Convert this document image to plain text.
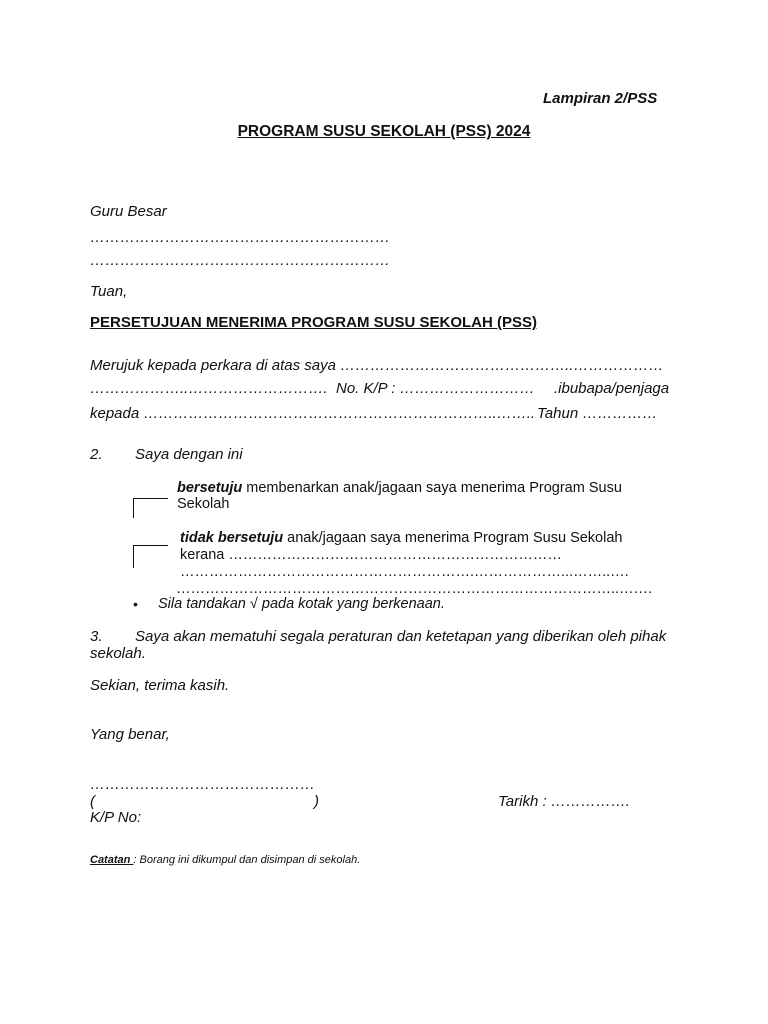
Lampiran 2/PSS
PROGRAM SUSU SEKOLAH (PSS) 2024
Guru Besar
……………………………………………………
……………………………………………………
Tuan,
PERSETUJUAN MENERIMA PROGRAM SUSU SEKOLAH (PSS)
Merujuk kepada perkara di atas saya ………………………………………..………………
………………..………………………. No. K/P : ……………………… .ibubapa/penjaga
kepada ……………………………………………………………..…….. Tahun ……………
2. Saya dengan ini
bersetuju membenarkan anak/jagaan saya menerima Program Susu
Sekolah
tidak bersetuju anak/jagaan saya menerima Program Susu Sekolah
kerana ……………………………………………………………
…………………………………………………….………………...……..….
………………………………………………………………………………..…….
• Sila tandakan √ pada kotak yang berkenaan.
3. Saya akan mematuhi segala peraturan dan ketetapan yang diberikan oleh pihak
sekolah.
Sekian, terima kasih.
Yang benar,
………………………………………
(	)	Tarikh : …………….
K/P No:
Catatan : Borang ini dikumpul dan disimpan di sekolah.
